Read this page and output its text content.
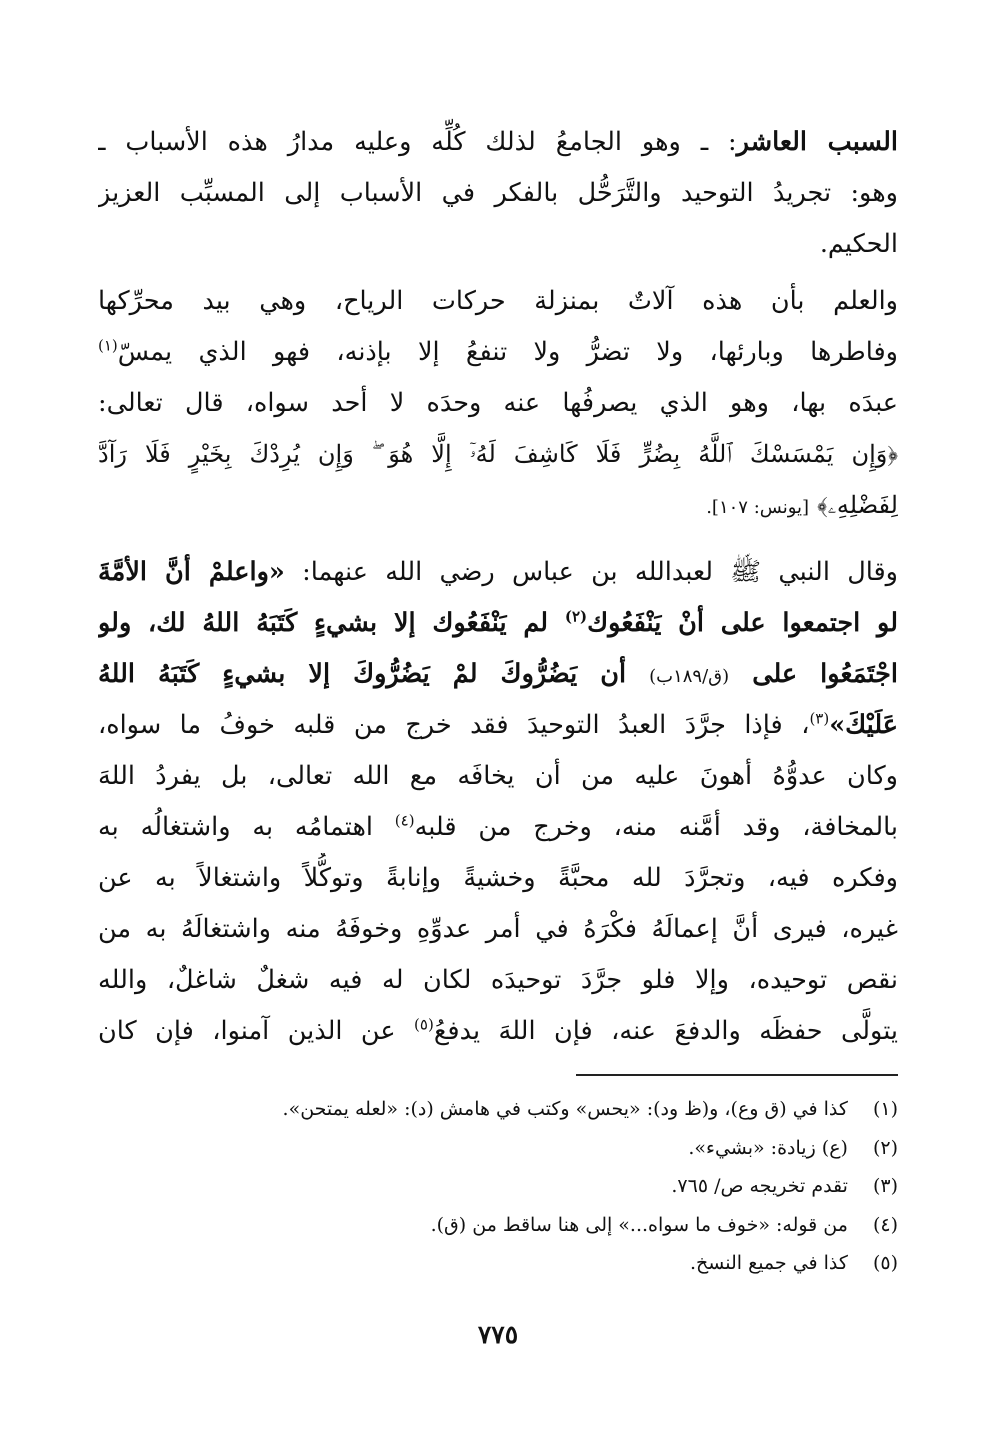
السبب العاشر: ـ وهو الجامعُ لذلك كُلِّه وعليه مدارُ هذه الأسباب ـ
وهو: تجريدُ التوحيد والتَّرَحُّل بالفكر في الأسباب إلى المسبِّب العزيز
الحكيم.
والعلم بأن هذه آلاتٌ بمنزلة حركات الرياح، وهي بيد محرِّكها
وفاطرها وبارئها، ولا تضرُّ ولا تنفعُ إلا بإذنه، فهو الذي يمسّ$^{(١)}$
عبدَه بها، وهو الذي يصرفُها عنه وحدَه لا أحد سواه، قال تعالى:
﴿وَإِن يَمْسَسْكَ ٱللَّهُ بِضُرٍّ فَلَا كَاشِفَ لَهُۥٓ إِلَّا هُوَ ۖ وَإِن يُرِدْكَ بِخَيْرٍ فَلَا رَآدَّ
لِفَضْلِهِۦ﴾ [يونس: ١٠٧].
وقال النبي ﷺ لعبدالله بن عباس رضي الله عنهما: «واعلمْ أنَّ الأمَّةَ
لو اجتمعوا على أنْ يَنْفَعُوك$^{(٢)}$ لم يَنْفَعُوك إلا بشيءٍ كَتَبَهُ اللهُ لك، ولو
اجْتَمَعُوا على (ق/١٨٩ب) أن يَضُرُّوكَ لمْ يَضُرُّوكَ إلا بشيءٍ كَتَبَهُ اللهُ
عَلَيْكَ»$^{(٣)}$، فإذا جرَّدَ العبدُ التوحيدَ فقد خرج من قلبه خوفُ ما سواه،
وكان عدوُّهُ أهونَ عليه من أن يخافَه مع الله تعالى، بل يفردُ اللهَ
بالمخافة، وقد أمَّنه منه، وخرج من قلبه$^{(٤)}$ اهتمامُه به واشتغالُه به
وفكره فيه، وتجرَّدَ لله محبَّةً وخشيةً وإنابةً وتوكُّلاً واشتغالاً به عن
غيره، فيرى أنَّ إعمالَهُ فكْرَهُ في أمر عدوِّهِ وخوفَهُ منه واشتغالَهُ به من
نقص توحيده، وإلا فلو جرَّدَ توحيدَه لكان له فيه شغلٌ شاغلٌ، والله
يتولَّى حفظَه والدفعَ عنه، فإن اللهَ يدفعُ$^{(٥)}$ عن الذين آمنوا، فإن كان
(١) كذا في (ق وع)، و(ظ ود): «يحس» وكتب في هامش (د): «لعله يمتحن».
(٢) (ع) زيادة: «بشيء».
(٣) تقدم تخريجه ص/ ٧٦٥.
(٤) من قوله: «خوف ما سواه...» إلى هنا ساقط من (ق).
(٥) كذا في جميع النسخ.
٧٧٥
